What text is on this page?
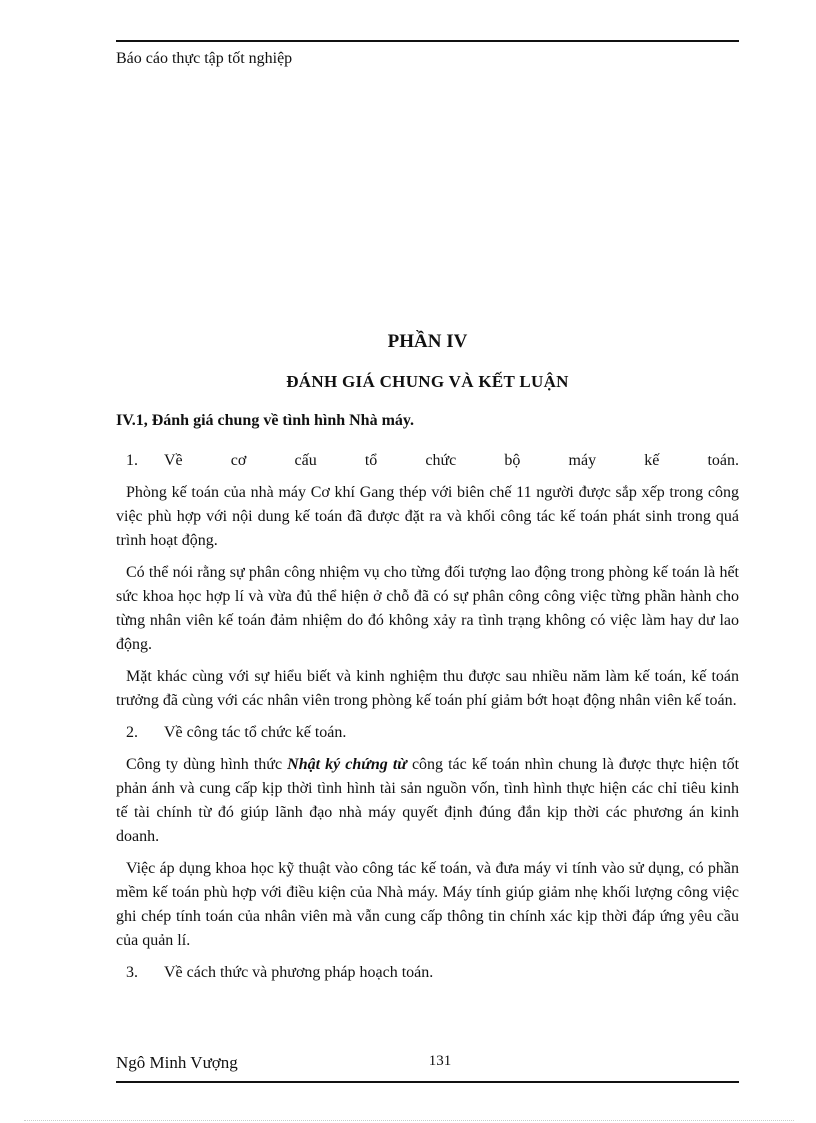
Báo cáo thực tập tốt nghiệp
PHẦN IV
ĐÁNH GIÁ CHUNG VÀ KẾT LUẬN
IV.1, Đánh giá chung về tình hình Nhà máy.
1.	Về cơ cấu tổ chức bộ máy kế toán.

Phòng kế toán của nhà máy Cơ khí Gang thép với biên chế 11 người được sắp xếp trong công việc phù hợp với nội dung kế toán đã được đặt ra và khối công tác kế toán phát sinh trong quá trình hoạt động.

Có thể nói rằng sự phân công nhiệm vụ cho từng đối tượng lao động trong phòng kế toán là hết sức khoa học hợp lí và vừa đủ thể hiện ở chỗ đã có sự phân công công việc từng phần hành cho từng nhân viên kế toán đảm nhiệm do đó không xảy ra tình trạng không có việc làm hay dư lao động.

Mặt khác cùng với sự hiểu biết và kinh nghiệm thu được sau nhiều năm làm kế toán, kế toán trưởng đã cùng với các nhân viên trong phòng kế toán phí giảm bớt hoạt động nhân viên kế toán.

2.	Về công tác tổ chức kế toán.

Công ty dùng hình thức Nhật ký chứng từ công tác kế toán nhìn chung là được thực hiện tốt phản ánh và cung cấp kịp thời tình hình tài sản nguồn vốn, tình hình thực hiện các chỉ tiêu kinh tế tài chính từ đó giúp lãnh đạo nhà máy quyết định đúng đắn kịp thời các phương án kinh doanh.

Việc áp dụng khoa học kỹ thuật vào công tác kế toán, và đưa máy vi tính vào sử dụng, có phần mềm kế toán phù hợp với điều kiện của Nhà máy. Máy tính giúp giảm nhẹ khối lượng công việc ghi chép tính toán của nhân viên mà vẫn cung cấp thông tin chính xác kịp thời đáp ứng yêu cầu của quản lí.

3.	Về cách thức và phương pháp hoạch toán.
Ngô Minh Vượng	131
